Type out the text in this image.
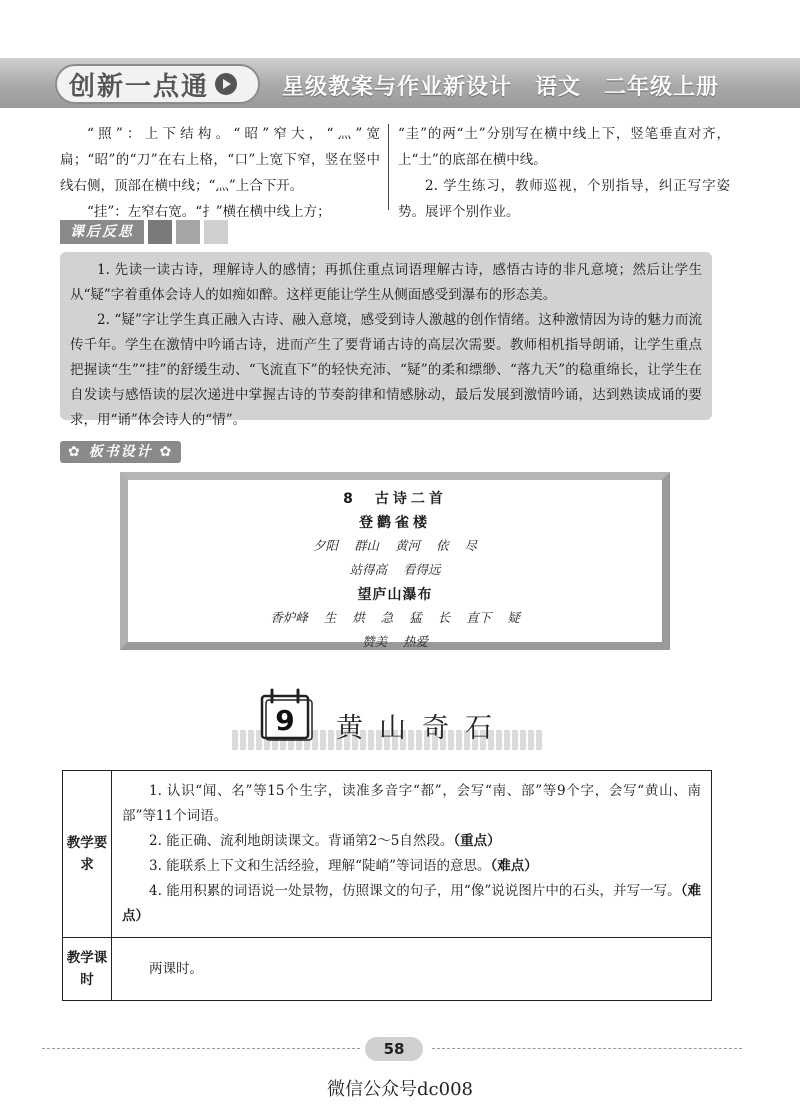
创新一点通	星级教案与作业新设计　语文　二年级上册

“照”：上下结构。“昭”窄大，“灬”宽扁；“昭”的“刀”在右上格，“口”上宽下窄，竖在竖中线右侧，顶部在横中线；“灬”上合下开。

“挂”：左窄右宽。“扌”横在横中线上方；

“圭”的两“土”分别写在横中线上下，竖笔垂直对齐，上“土”的底部在横中线。

2. 学生练习，教师巡视，个别指导，纠正写字姿势。展评个别作业。

课后反思

1. 先读一读古诗，理解诗人的感情；再抓住重点词语理解古诗，感悟古诗的非凡意境；然后让学生从“疑”字着重体会诗人的如痴如醉。这样更能让学生从侧面感受到瀑布的形态美。

2. “疑”字让学生真正融入古诗、融入意境，感受到诗人激越的创作情绪。这种激情因为诗的魅力而流传千年。学生在激情中吟诵古诗，进而产生了要背诵古诗的高层次需要。教师相机指导朗诵，让学生重点把握读“生”“挂”的舒缓生动、“飞流直下”的轻快充沛、“疑”的柔和缥缈、“落九天”的稳重绵长，让学生在自发读与感悟读的层次递进中掌握古诗的节奏韵律和情感脉动，最后发展到激情吟诵，达到熟读成诵的要求，用“诵”体会诗人的“情”。

✿ 板书设计 ✿
8　古诗二首
登鹳雀楼
夕阳 群山 黄河 依 尽
站得高 看得远
望庐山瀑布
香炉峰 生 烘 急 猛 长 直下 疑
赞美 热爱
9 黄山奇石
教学要求	1. 认识“闻、名”等15个生字，读准多音字“都”，会写“南、部”等9个字，会写“黄山、南部”等11个词语。

2. 能正确、流利地朗读课文。背诵第2～5自然段。（重点）

3. 能联系上下文和生活经验，理解“陡峭”等词语的意思。（难点）

4. 能用积累的词语说一处景物，仿照课文的句子，用“像”说说图片中的石头，并写一写。（难点）

教学课时	两课时。

58
微信公众号dc008
